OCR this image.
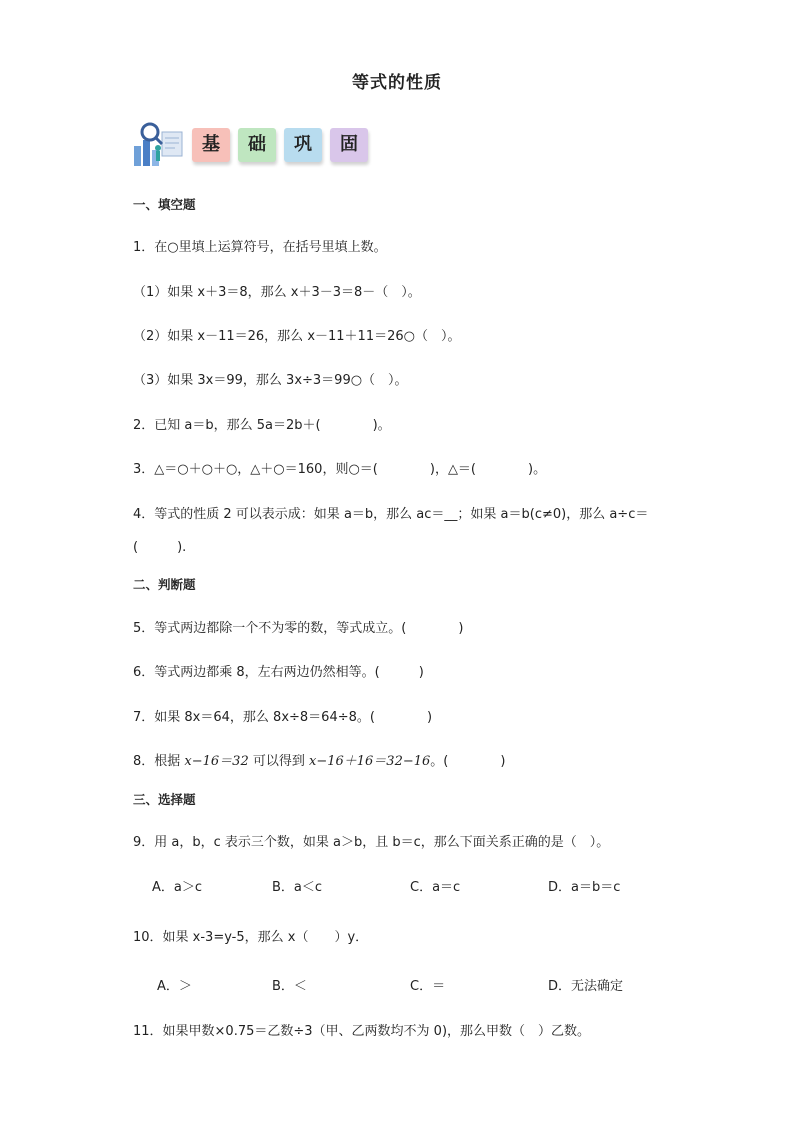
等式的性质
基	础	巩	固
一、填空题
1．在○里填上运算符号，在括号里填上数。
（1）如果 x＋3＝8，那么 x＋3－3＝8－（　）。
（2）如果 x－11＝26，那么 x－11＋11＝26○（　）。
（3）如果 3x＝99，那么 3x÷3＝99○（　）。
2．已知 a＝b，那么 5a＝2b＋(　　　　)。
3．△＝○＋○＋○，△＋○＝160，则○＝(　　　　)，△＝(　　　　)。
4．等式的性质 2 可以表示成：如果 a＝b，那么 ac＝__；如果 a＝b(c≠0)，那么 a÷c＝
(　　　).
二、判断题
5．等式两边都除一个不为零的数，等式成立。(　　　　)
6．等式两边都乘 8，左右两边仍然相等。(　　　)
7．如果 8x＝64，那么 8x÷8＝64÷8。(　　　　)
8．根据 x−16＝32 可以得到 x−16＋16＝32−16。(　　　　)
三、选择题
9．用 a，b，c 表示三个数，如果 a＞b，且 b＝c，那么下面关系正确的是（　）。
A．a＞c	B．a＜c	C．a＝c	D．a＝b＝c
10．如果 x-3=y-5，那么 x（　　）y．
A．＞	B．＜	C．＝	D．无法确定
11．如果甲数×0.75＝乙数÷3（甲、乙两数均不为 0)，那么甲数（　）乙数。
